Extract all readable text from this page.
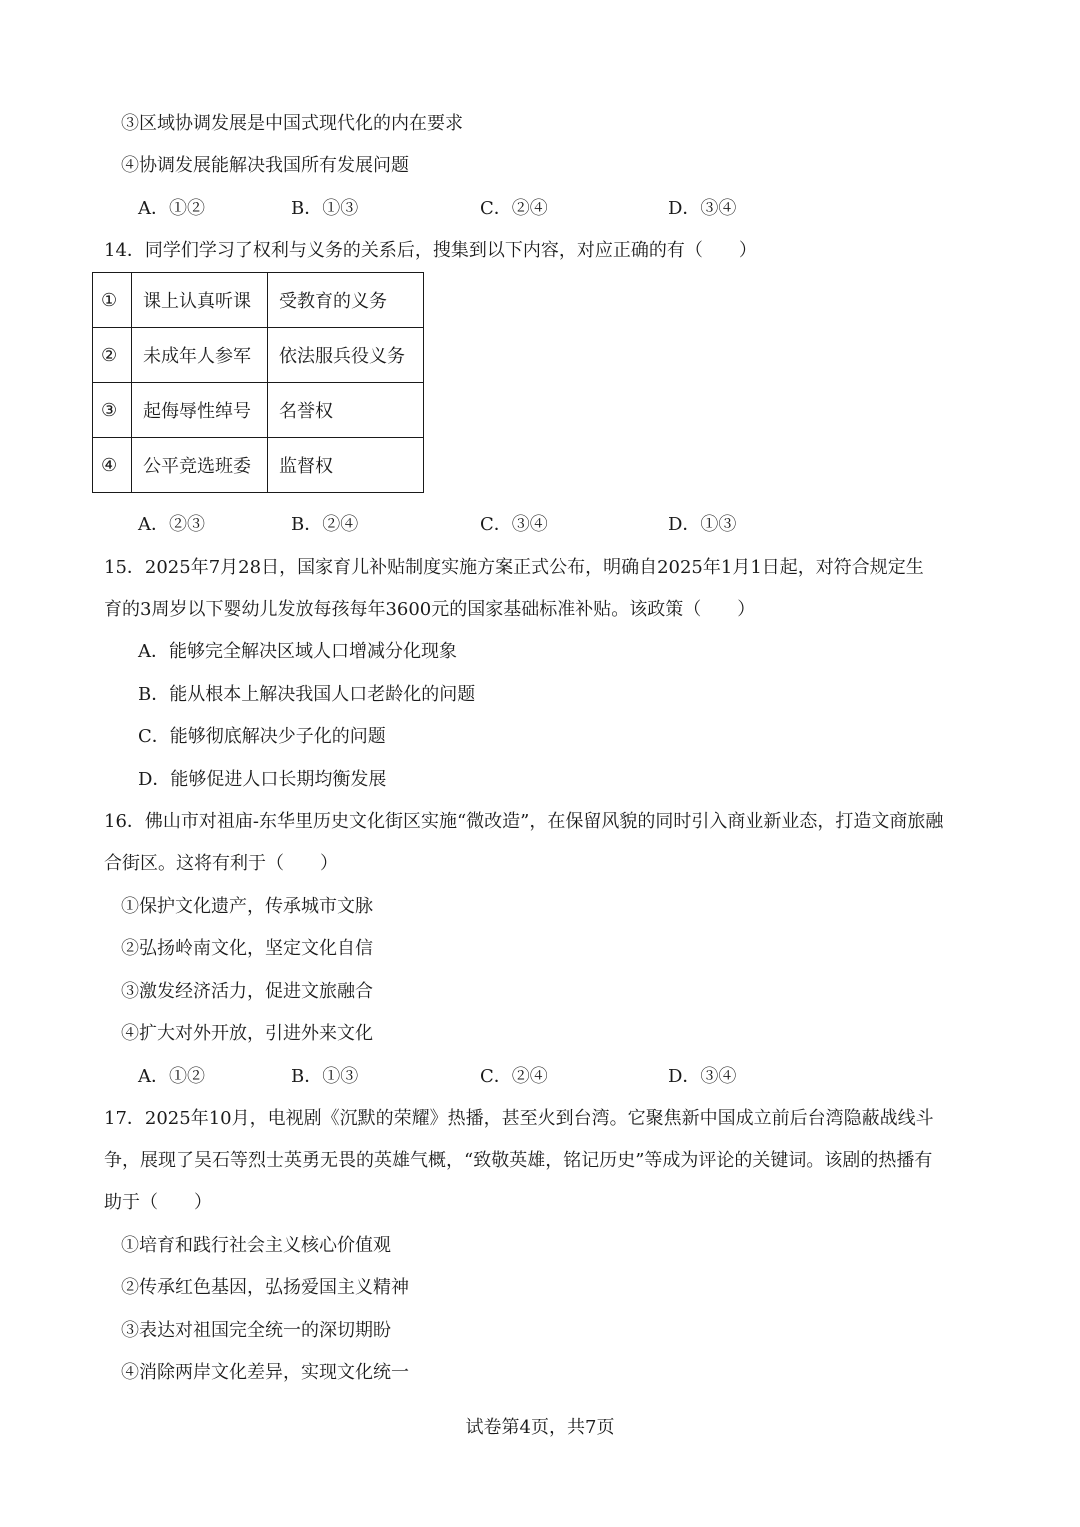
③区域协调发展是中国式现代化的内在要求
④协调发展能解决我国所有发展问题
A．①②	B．①③	C．②④	D．③④
14．同学们学习了权利与义务的关系后，搜集到以下内容，对应正确的有（　　）
①	课上认真听课	受教育的义务
②	未成年人参军	依法服兵役义务
③	起侮辱性绰号	名誉权
④	公平竞选班委	监督权
A．②③	B．②④	C．③④	D．①③
15．2025年7月28日，国家育儿补贴制度实施方案正式公布，明确自2025年1月1日起，对符合规定生
育的3周岁以下婴幼儿发放每孩每年3600元的国家基础标准补贴。该政策（　　）
A．能够完全解决区域人口增减分化现象
B．能从根本上解决我国人口老龄化的问题
C．能够彻底解决少子化的问题
D．能够促进人口长期均衡发展
16．佛山市对祖庙-东华里历史文化街区实施“微改造”，在保留风貌的同时引入商业新业态，打造文商旅融
合街区。这将有利于（　　）
①保护文化遗产，传承城市文脉
②弘扬岭南文化，坚定文化自信
③激发经济活力，促进文旅融合
④扩大对外开放，引进外来文化
A．①②	B．①③	C．②④	D．③④
17．2025年10月，电视剧《沉默的荣耀》热播，甚至火到台湾。它聚焦新中国成立前后台湾隐蔽战线斗
争，展现了吴石等烈士英勇无畏的英雄气概，“致敬英雄，铭记历史”等成为评论的关键词。该剧的热播有
助于（　　）
①培育和践行社会主义核心价值观
②传承红色基因，弘扬爱国主义精神
③表达对祖国完全统一的深切期盼
④消除两岸文化差异，实现文化统一
试卷第4页，共7页
